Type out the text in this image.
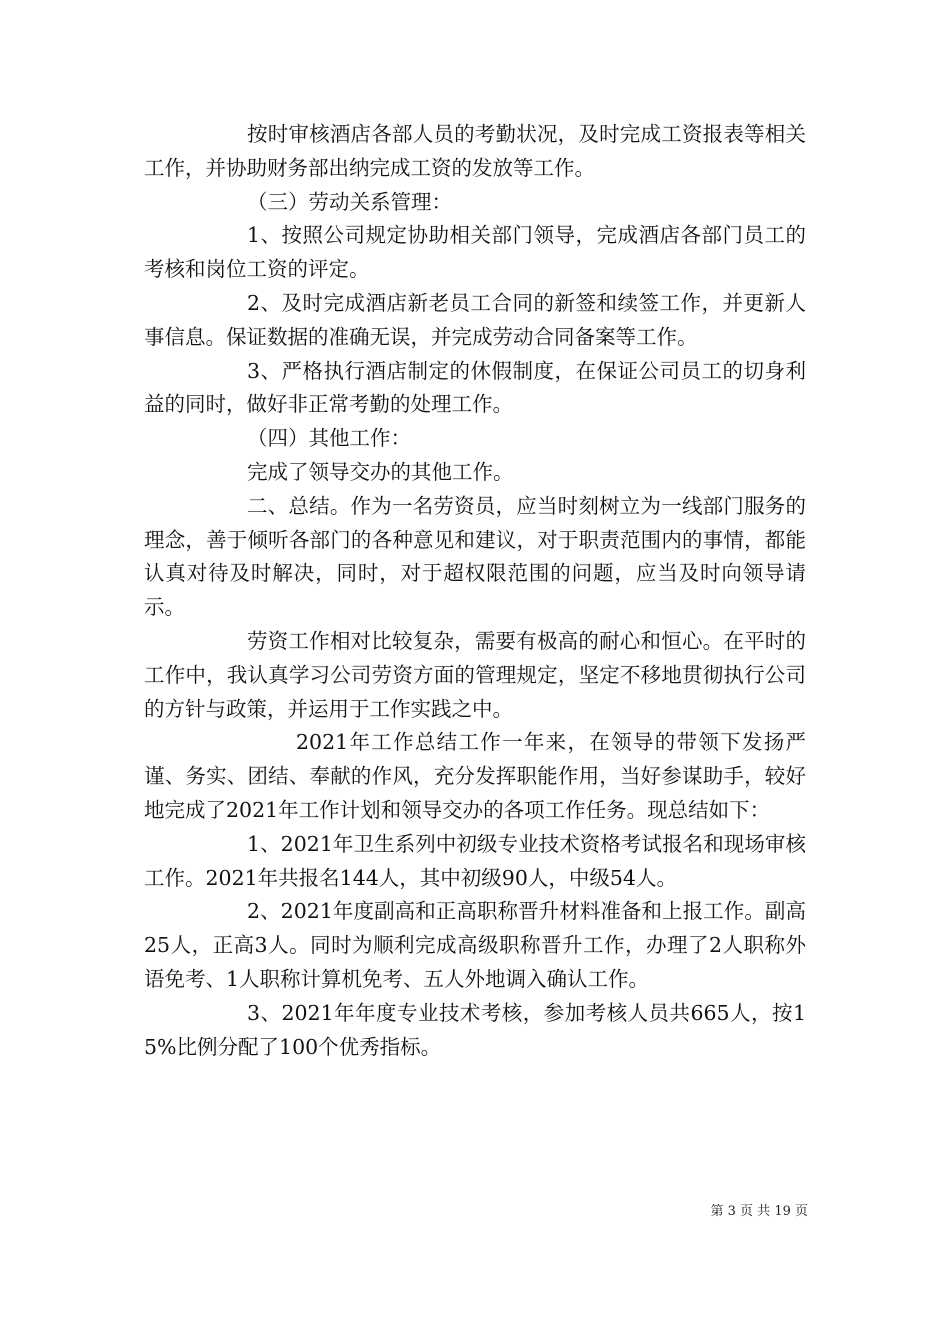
按时审核酒店各部人员的考勤状况，及时完成工资报表等相关工作，并协助财务部出纳完成工资的发放等工作。

（三）劳动关系管理：

1、按照公司规定协助相关部门领导，完成酒店各部门员工的考核和岗位工资的评定。

2、及时完成酒店新老员工合同的新签和续签工作，并更新人事信息。保证数据的准确无误，并完成劳动合同备案等工作。

3、严格执行酒店制定的休假制度，在保证公司员工的切身利益的同时，做好非正常考勤的处理工作。

（四）其他工作：

完成了领导交办的其他工作。

二、总结。作为一名劳资员，应当时刻树立为一线部门服务的理念，善于倾听各部门的各种意见和建议，对于职责范围内的事情，都能认真对待及时解决，同时，对于超权限范围的问题，应当及时向领导请示。

劳资工作相对比较复杂，需要有极高的耐心和恒心。在平时的工作中，我认真学习公司劳资方面的管理规定，坚定不移地贯彻执行公司的方针与政策，并运用于工作实践之中。

2021年工作总结工作一年来，在领导的带领下发扬严谨、务实、团结、奉献的作风，充分发挥职能作用，当好参谋助手，较好地完成了2021年工作计划和领导交办的各项工作任务。现总结如下：

1、2021年卫生系列中初级专业技术资格考试报名和现场审核工作。2021年共报名144人，其中初级90人，中级54人。

2、2021年度副高和正高职称晋升材料准备和上报工作。副高25人，正高3人。同时为顺利完成高级职称晋升工作，办理了2人职称外语免考、1人职称计算机免考、五人外地调入确认工作。

3、2021年年度专业技术考核，参加考核人员共665人，按15%比例分配了100个优秀指标。

第 3 页 共 19 页
